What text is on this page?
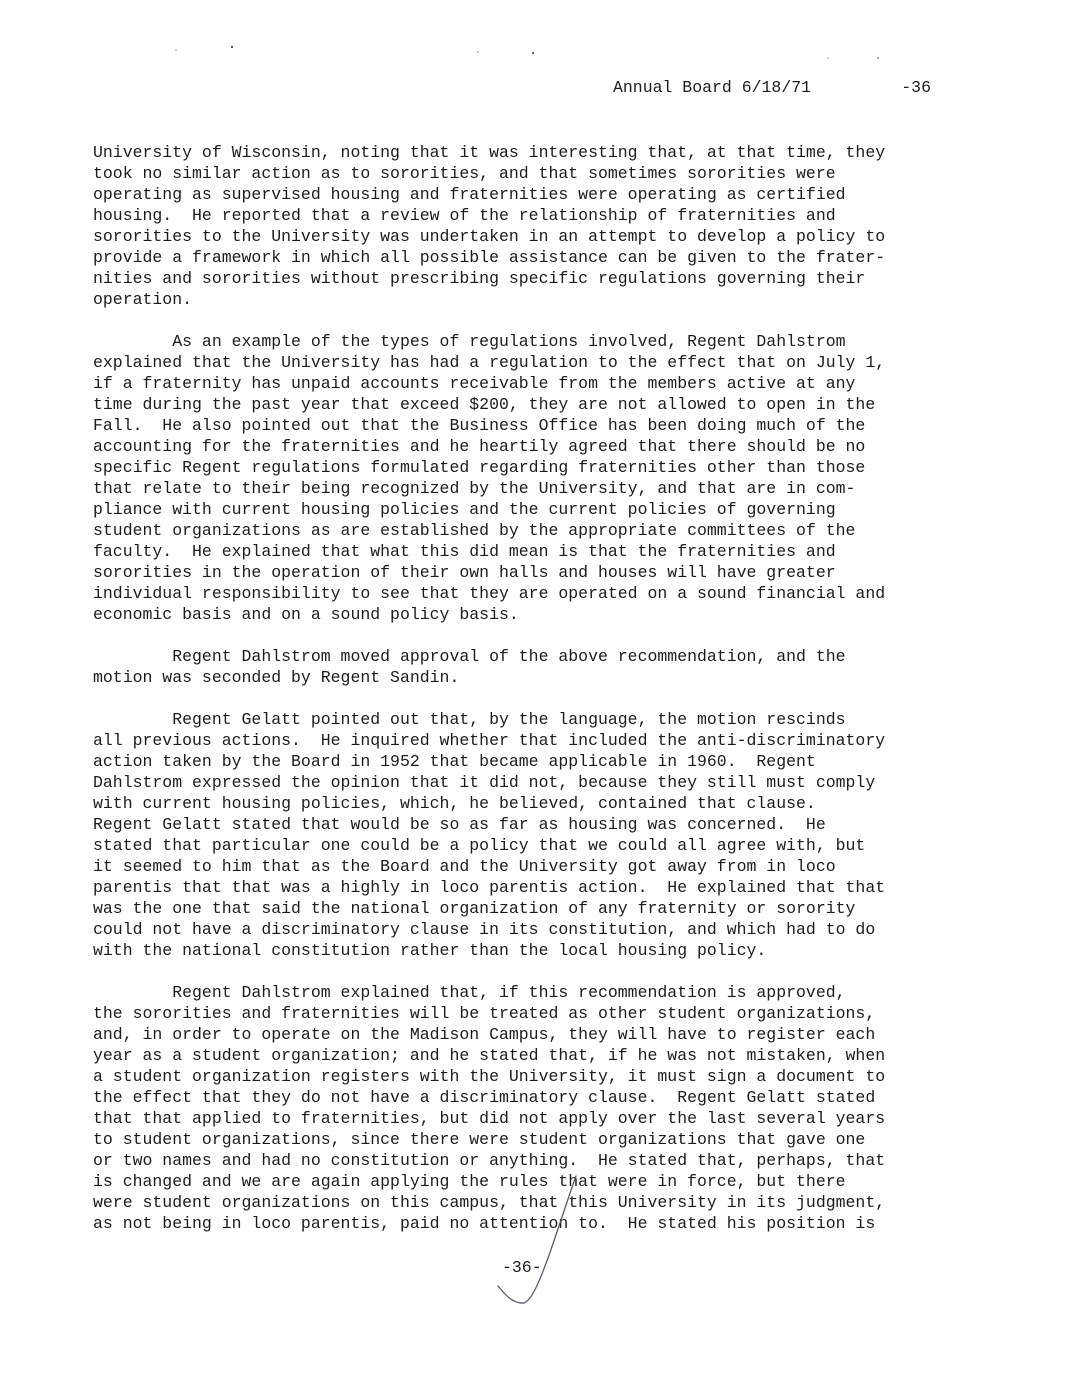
Annual Board 6/18/71

	-36

University of Wisconsin, noting that it was interesting that, at that time, they
took no similar action as to sororities, and that sometimes sororities were
operating as supervised housing and fraternities were operating as certified
housing.  He reported that a review of the relationship of fraternities and
sororities to the University was undertaken in an attempt to develop a policy to
provide a framework in which all possible assistance can be given to the frater-
nities and sororities without prescribing specific regulations governing their
operation.
As an example of the types of regulations involved, Regent Dahlstrom
explained that the University has had a regulation to the effect that on July 1,
if a fraternity has unpaid accounts receivable from the members active at any
time during the past year that exceed $200, they are not allowed to open in the
Fall.  He also pointed out that the Business Office has been doing much of the
accounting for the fraternities and he heartily agreed that there should be no
specific Regent regulations formulated regarding fraternities other than those
that relate to their being recognized by the University, and that are in com-
pliance with current housing policies and the current policies of governing
student organizations as are established by the appropriate committees of the
faculty.  He explained that what this did mean is that the fraternities and
sororities in the operation of their own halls and houses will have greater
individual responsibility to see that they are operated on a sound financial and
economic basis and on a sound policy basis.
Regent Dahlstrom moved approval of the above recommendation, and the
motion was seconded by Regent Sandin.
Regent Gelatt pointed out that, by the language, the motion rescinds
all previous actions.  He inquired whether that included the anti-discriminatory
action taken by the Board in 1952 that became applicable in 1960.  Regent
Dahlstrom expressed the opinion that it did not, because they still must comply
with current housing policies, which, he believed, contained that clause.
Regent Gelatt stated that would be so as far as housing was concerned.  He
stated that particular one could be a policy that we could all agree with, but
it seemed to him that as the Board and the University got away from in loco
parentis that that was a highly in loco parentis action.  He explained that that
was the one that said the national organization of any fraternity or sorority
could not have a discriminatory clause in its constitution, and which had to do
with the national constitution rather than the local housing policy.
Regent Dahlstrom explained that, if this recommendation is approved,
the sororities and fraternities will be treated as other student organizations,
and, in order to operate on the Madison Campus, they will have to register each
year as a student organization; and he stated that, if he was not mistaken, when
a student organization registers with the University, it must sign a document to
the effect that they do not have a discriminatory clause.  Regent Gelatt stated
that that applied to fraternities, but did not apply over the last several years
to student organizations, since there were student organizations that gave one
or two names and had no constitution or anything.  He stated that, perhaps, that
is changed and we are again applying the rules that were in force, but there
were student organizations on this campus, that this University in its judgment,
as not being in loco parentis, paid no attention to.  He stated his position is
-36-
